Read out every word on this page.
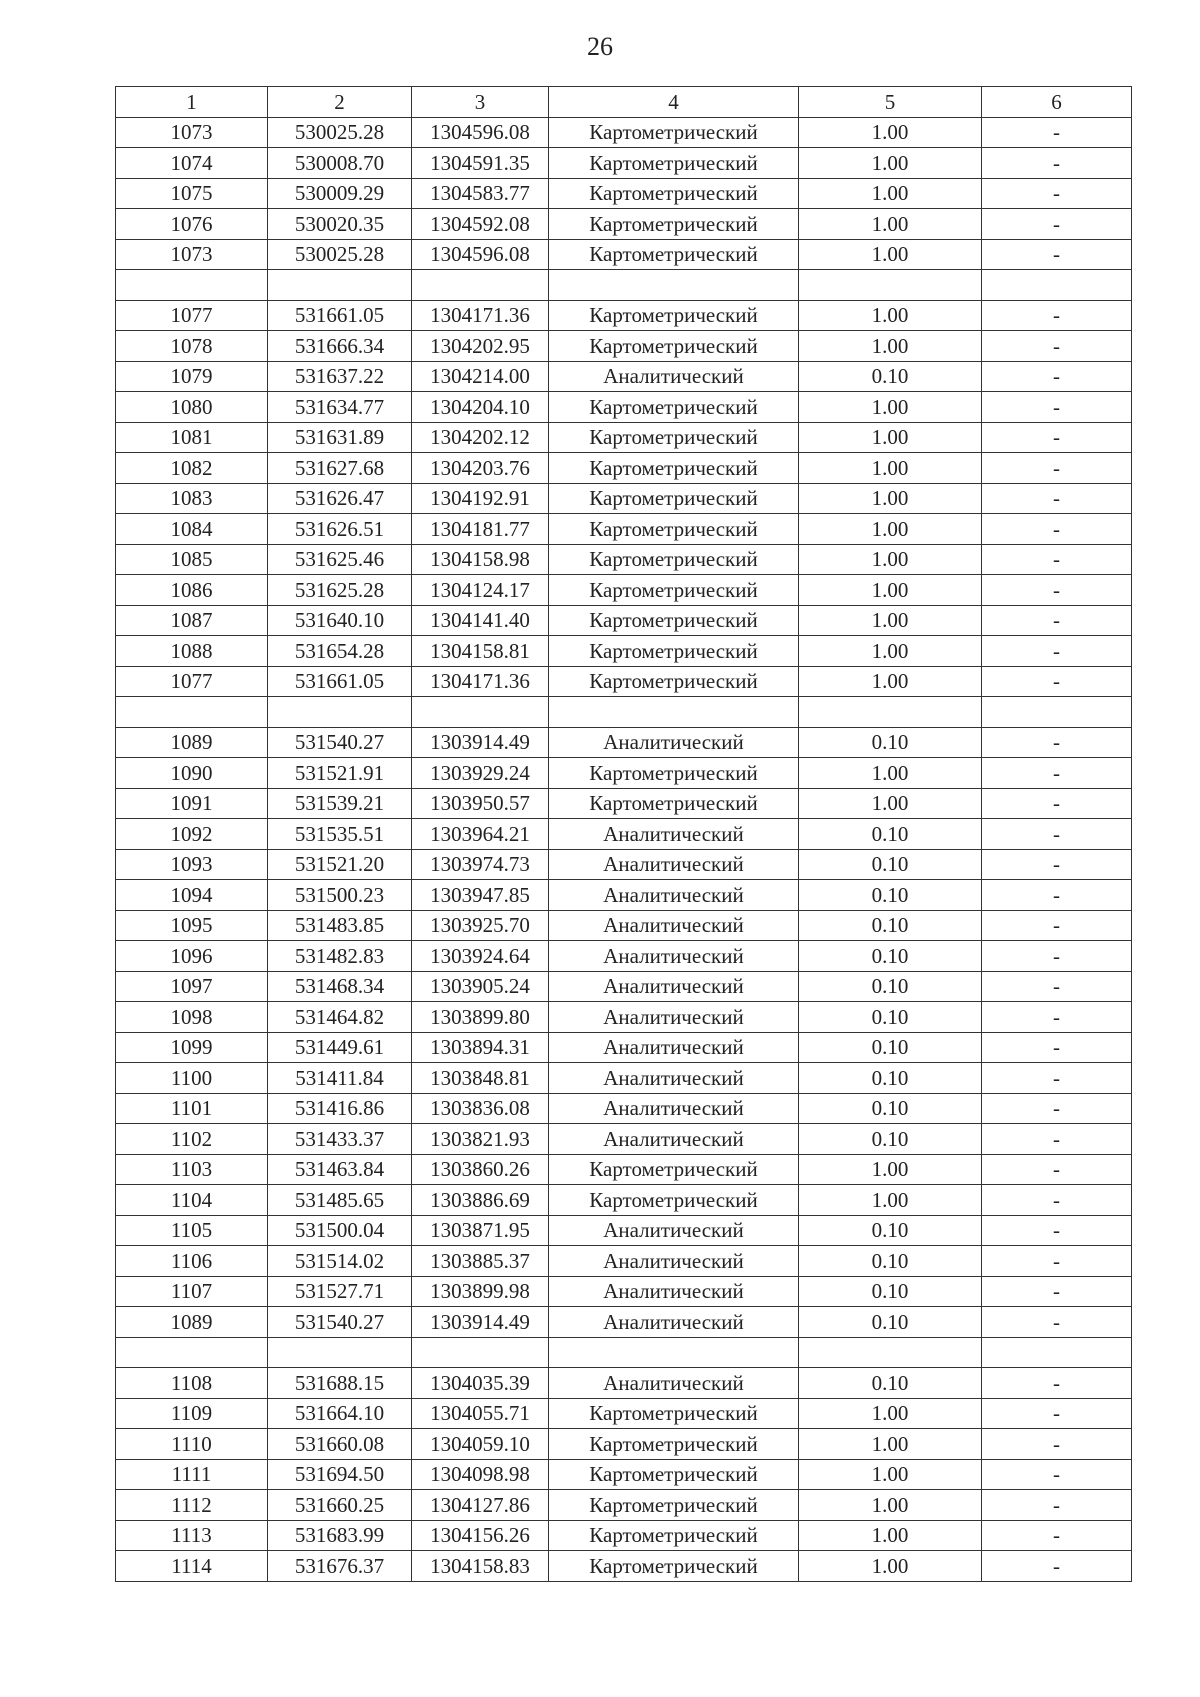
26
1	2	3	4	5	6
1073	530025.28	1304596.08	Картометрический	1.00	-
1074	530008.70	1304591.35	Картометрический	1.00	-
1075	530009.29	1304583.77	Картометрический	1.00	-
1076	530020.35	1304592.08	Картометрический	1.00	-
1073	530025.28	1304596.08	Картометрический	1.00	-

1077	531661.05	1304171.36	Картометрический	1.00	-
1078	531666.34	1304202.95	Картометрический	1.00	-
1079	531637.22	1304214.00	Аналитический	0.10	-
1080	531634.77	1304204.10	Картометрический	1.00	-
1081	531631.89	1304202.12	Картометрический	1.00	-
1082	531627.68	1304203.76	Картометрический	1.00	-
1083	531626.47	1304192.91	Картометрический	1.00	-
1084	531626.51	1304181.77	Картометрический	1.00	-
1085	531625.46	1304158.98	Картометрический	1.00	-
1086	531625.28	1304124.17	Картометрический	1.00	-
1087	531640.10	1304141.40	Картометрический	1.00	-
1088	531654.28	1304158.81	Картометрический	1.00	-
1077	531661.05	1304171.36	Картометрический	1.00	-

1089	531540.27	1303914.49	Аналитический	0.10	-
1090	531521.91	1303929.24	Картометрический	1.00	-
1091	531539.21	1303950.57	Картометрический	1.00	-
1092	531535.51	1303964.21	Аналитический	0.10	-
1093	531521.20	1303974.73	Аналитический	0.10	-
1094	531500.23	1303947.85	Аналитический	0.10	-
1095	531483.85	1303925.70	Аналитический	0.10	-
1096	531482.83	1303924.64	Аналитический	0.10	-
1097	531468.34	1303905.24	Аналитический	0.10	-
1098	531464.82	1303899.80	Аналитический	0.10	-
1099	531449.61	1303894.31	Аналитический	0.10	-
1100	531411.84	1303848.81	Аналитический	0.10	-
1101	531416.86	1303836.08	Аналитический	0.10	-
1102	531433.37	1303821.93	Аналитический	0.10	-
1103	531463.84	1303860.26	Картометрический	1.00	-
1104	531485.65	1303886.69	Картометрический	1.00	-
1105	531500.04	1303871.95	Аналитический	0.10	-
1106	531514.02	1303885.37	Аналитический	0.10	-
1107	531527.71	1303899.98	Аналитический	0.10	-
1089	531540.27	1303914.49	Аналитический	0.10	-

1108	531688.15	1304035.39	Аналитический	0.10	-
1109	531664.10	1304055.71	Картометрический	1.00	-
1110	531660.08	1304059.10	Картометрический	1.00	-
1111	531694.50	1304098.98	Картометрический	1.00	-
1112	531660.25	1304127.86	Картометрический	1.00	-
1113	531683.99	1304156.26	Картометрический	1.00	-
1114	531676.37	1304158.83	Картометрический	1.00	-
